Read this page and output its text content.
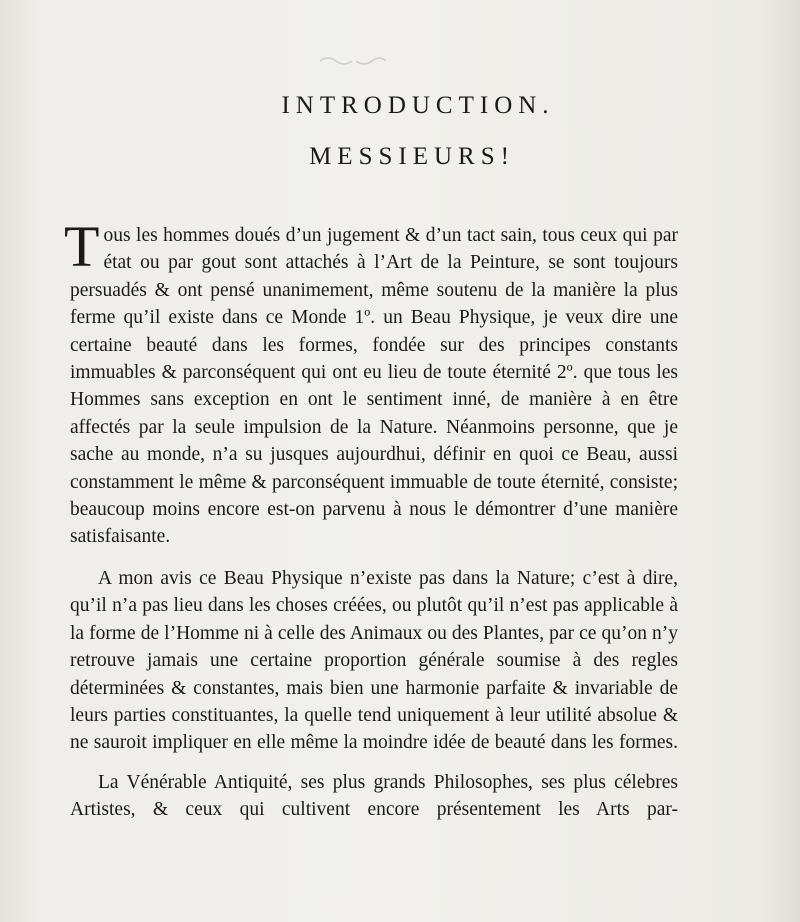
INTRODUCTION.
MESSIEURS!

Tous les hommes doués d’un jugement & d’un tact sain, tous ceux qui par état ou par gout sont attachés à l’Art de la Peinture, se sont toujours persuadés & ont pensé unanimement, même soutenu de la manière la plus ferme qu’il existe dans ce Monde 1º. un Beau Physique, je veux dire une certaine beauté dans les formes, fondée sur des principes constants immuables & parconséquent qui ont eu lieu de toute éternité 2º. que tous les Hommes sans exception en ont le sentiment inné, de manière à en être affectés par la seule impulsion de la Nature. Néanmoins personne, que je sache au monde, n’a su jusques aujourdhui, définir en quoi ce Beau, aussi constamment le même & parconséquent immuable de toute éternité, consiste; beaucoup moins encore est-on parvenu à nous le démontrer d’une manière satisfaisante.

A mon avis ce Beau Physique n’existe pas dans la Nature; c’est à dire, qu’il n’a pas lieu dans les choses créées, ou plutôt qu’il n’est pas applicable à la forme de l’Homme ni à celle des Animaux ou des Plantes, par ce qu’on n’y retrouve jamais une certaine proportion générale soumise à des regles déterminées & constantes, mais bien une harmonie parfaite & invariable de leurs parties constituantes, la quelle tend uniquement à leur utilité absolue & ne sauroit impliquer en elle même la moindre idée de beauté dans les formes.

La Vénérable Antiquité, ses plus grands Philosophes, ses plus célebres Artistes, & ceux qui cultivent encore présentement les Arts par-
